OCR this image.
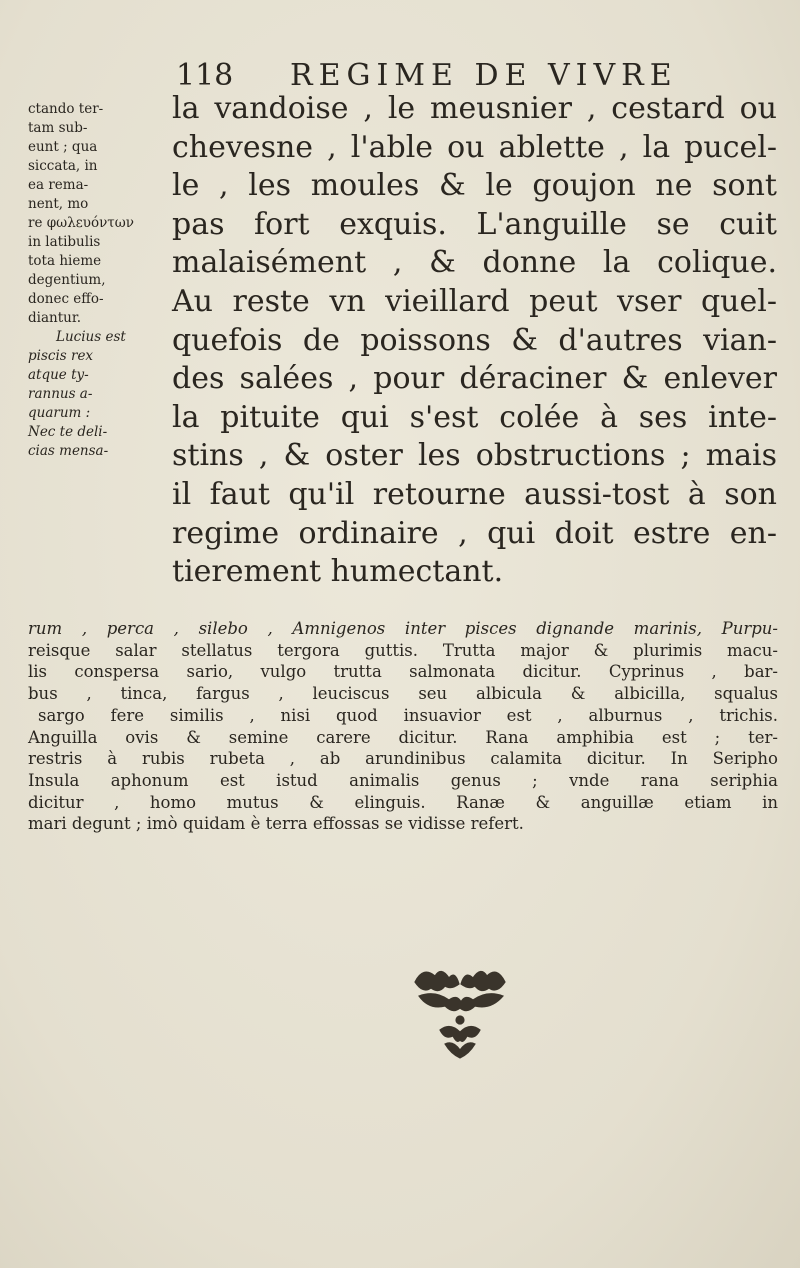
118 REGIME DE VIVRE
ctando ter-
tam sub-
eunt ; qua
siccata, in
ea rema-
nent, mo
re φωλευόντων
in latibulis
tota hieme
degentium,
donec effo-
diantur.
Lucius est
piscis rex
atque ty-
rannus a-
quarum :
Nec te deli-
cias mensa-
la vandoise , le meusnier , cestard ou
chevesne , l'able ou ablette , la pucel-
le , les moules & le goujon ne sont
pas fort exquis. L'anguille se cuit
malaisément , & donne la colique.
Au reste vn vieillard peut vser quel-
quefois de poissons & d'autres vian-
des salées , pour déraciner & enlever
la pituite qui s'est colée à ses inte-
stins , & oster les obstructions ; mais
il faut qu'il retourne aussi-tost à son
regime ordinaire , qui doit estre en-
tierement humectant.
rum , perca , silebo , Amnigenos inter pisces dignande marinis, Purpu-
reisque salar stellatus tergora guttis. Trutta major & plurimis macu-
lis conspersa sario, vulgo trutta salmonata dicitur. Cyprinus , bar-
bus , tinca, fargus , leuciscus seu albicula & albicilla, squalus
sargo fere similis , nisi quod insuavior est , alburnus , trichis.
Anguilla ovis & semine carere dicitur. Rana amphibia est ; ter-
restris à rubis rubeta , ab arundinibus calamita dicitur. In Seripho
Insula aphonum est istud animalis genus ; vnde rana seriphia
dicitur , homo mutus & elinguis. Ranæ & anguillæ etiam in
mari degunt ; imò quidam è terra effossas se vidisse refert.
